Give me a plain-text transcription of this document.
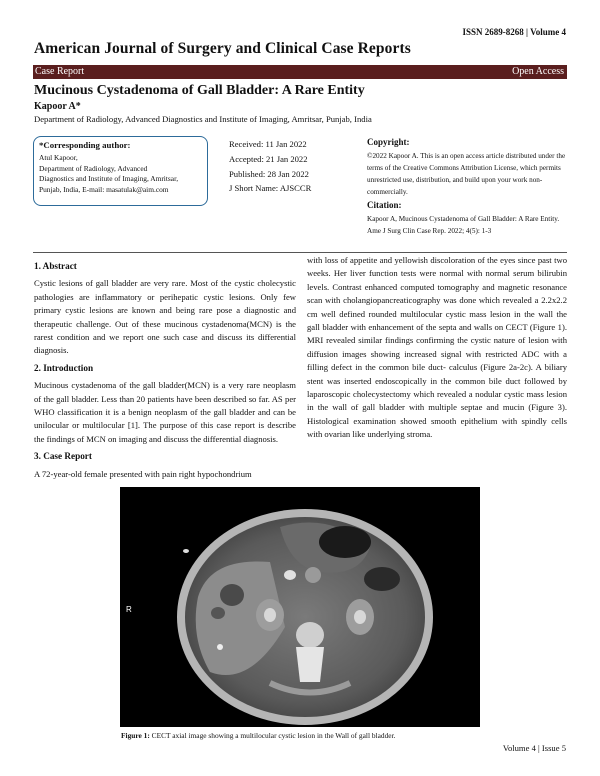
ISSN 2689-8268 | Volume 4
American Journal of Surgery and Clinical Case Reports
Case Report	Open Access
Mucinous Cystadenoma of Gall Bladder: A Rare Entity
Kapoor A*
Department of Radiology, Advanced Diagnostics and Institute of Imaging, Amritsar, Punjab, India
*Corresponding author:
Atul Kapoor,
Department of Radiology, Advanced
Diagnostics and Institute of Imaging, Amritsar,
Punjab, India, E-mail: masatulak@aim.com
Received: 11 Jan 2022
Accepted: 21 Jan 2022
Published: 28 Jan 2022
J Short Name: AJSCCR
Copyright:
©2022 Kapoor A. This is an open access article distributed under the terms of the Creative Commons Attribution License, which permits unrestricted use, distribution, and build upon your work non-commercially.
Citation:
Kapoor A, Mucinous Cystadenoma of Gall Bladder: A Rare Entity. Ame J Surg Clin Case Rep. 2022; 4(5): 1-3
1. Abstract

Cystic lesions of gall bladder are very rare. Most of the cystic cholecystic pathologies are inflammatory or perihepatic cystic lesions. Only few primary cystic lesions are known and being rare pose a diagnostic and therapeutic challenge. Out of these mucinous cystadenoma(MCN) is the rarest condition and we report one such case and discuss its differential diagnosis.

2. Introduction

Mucinous cystadenoma of the gall bladder(MCN) is a very rare neoplasm of the gall bladder. Less than 20 patients have been described so far. AS per WHO classification it is a benign neoplasm of the gall bladder and can be unilocular or multilocular [1]. The purpose of this case report is describe the findings of MCN on imaging and discuss the differential diagnosis.

3. Case Report

A 72-year-old female presented with pain right hypochondrium

with loss of appetite and yellowish discoloration of the eyes since past two weeks. Her liver function tests were normal with normal serum bilirubin levels. Contrast enhanced computed tomography and magnetic resonance scan with cholangiopancreaticography was done which revealed a 2.2x2.2 cm well defined rounded multilocular cystic mass lesion in the wall the gall bladder with enhancement of the septa and walls on CECT (Figure 1). MRI revealed similar findings confirming the cystic nature of lesion with diffusion images showing increased signal with restricted ADC with a filling defect in the common bile duct- calculus (Figure 2a-2c). A biliary stent was inserted endoscopically in the common bile duct followed by laparoscopic cholecystectomy which revealed a nodular cystic mass lesion in the wall of gall bladder with multiple septae and mucin (Figure 3). Histological examination showed smooth epithelium with spindly cells with ovarian like underlying stroma.

R
Figure 1: CECT axial image showing a multilocular cystic lesion in the Wall of gall bladder.
Volume 4 | Issue 5
